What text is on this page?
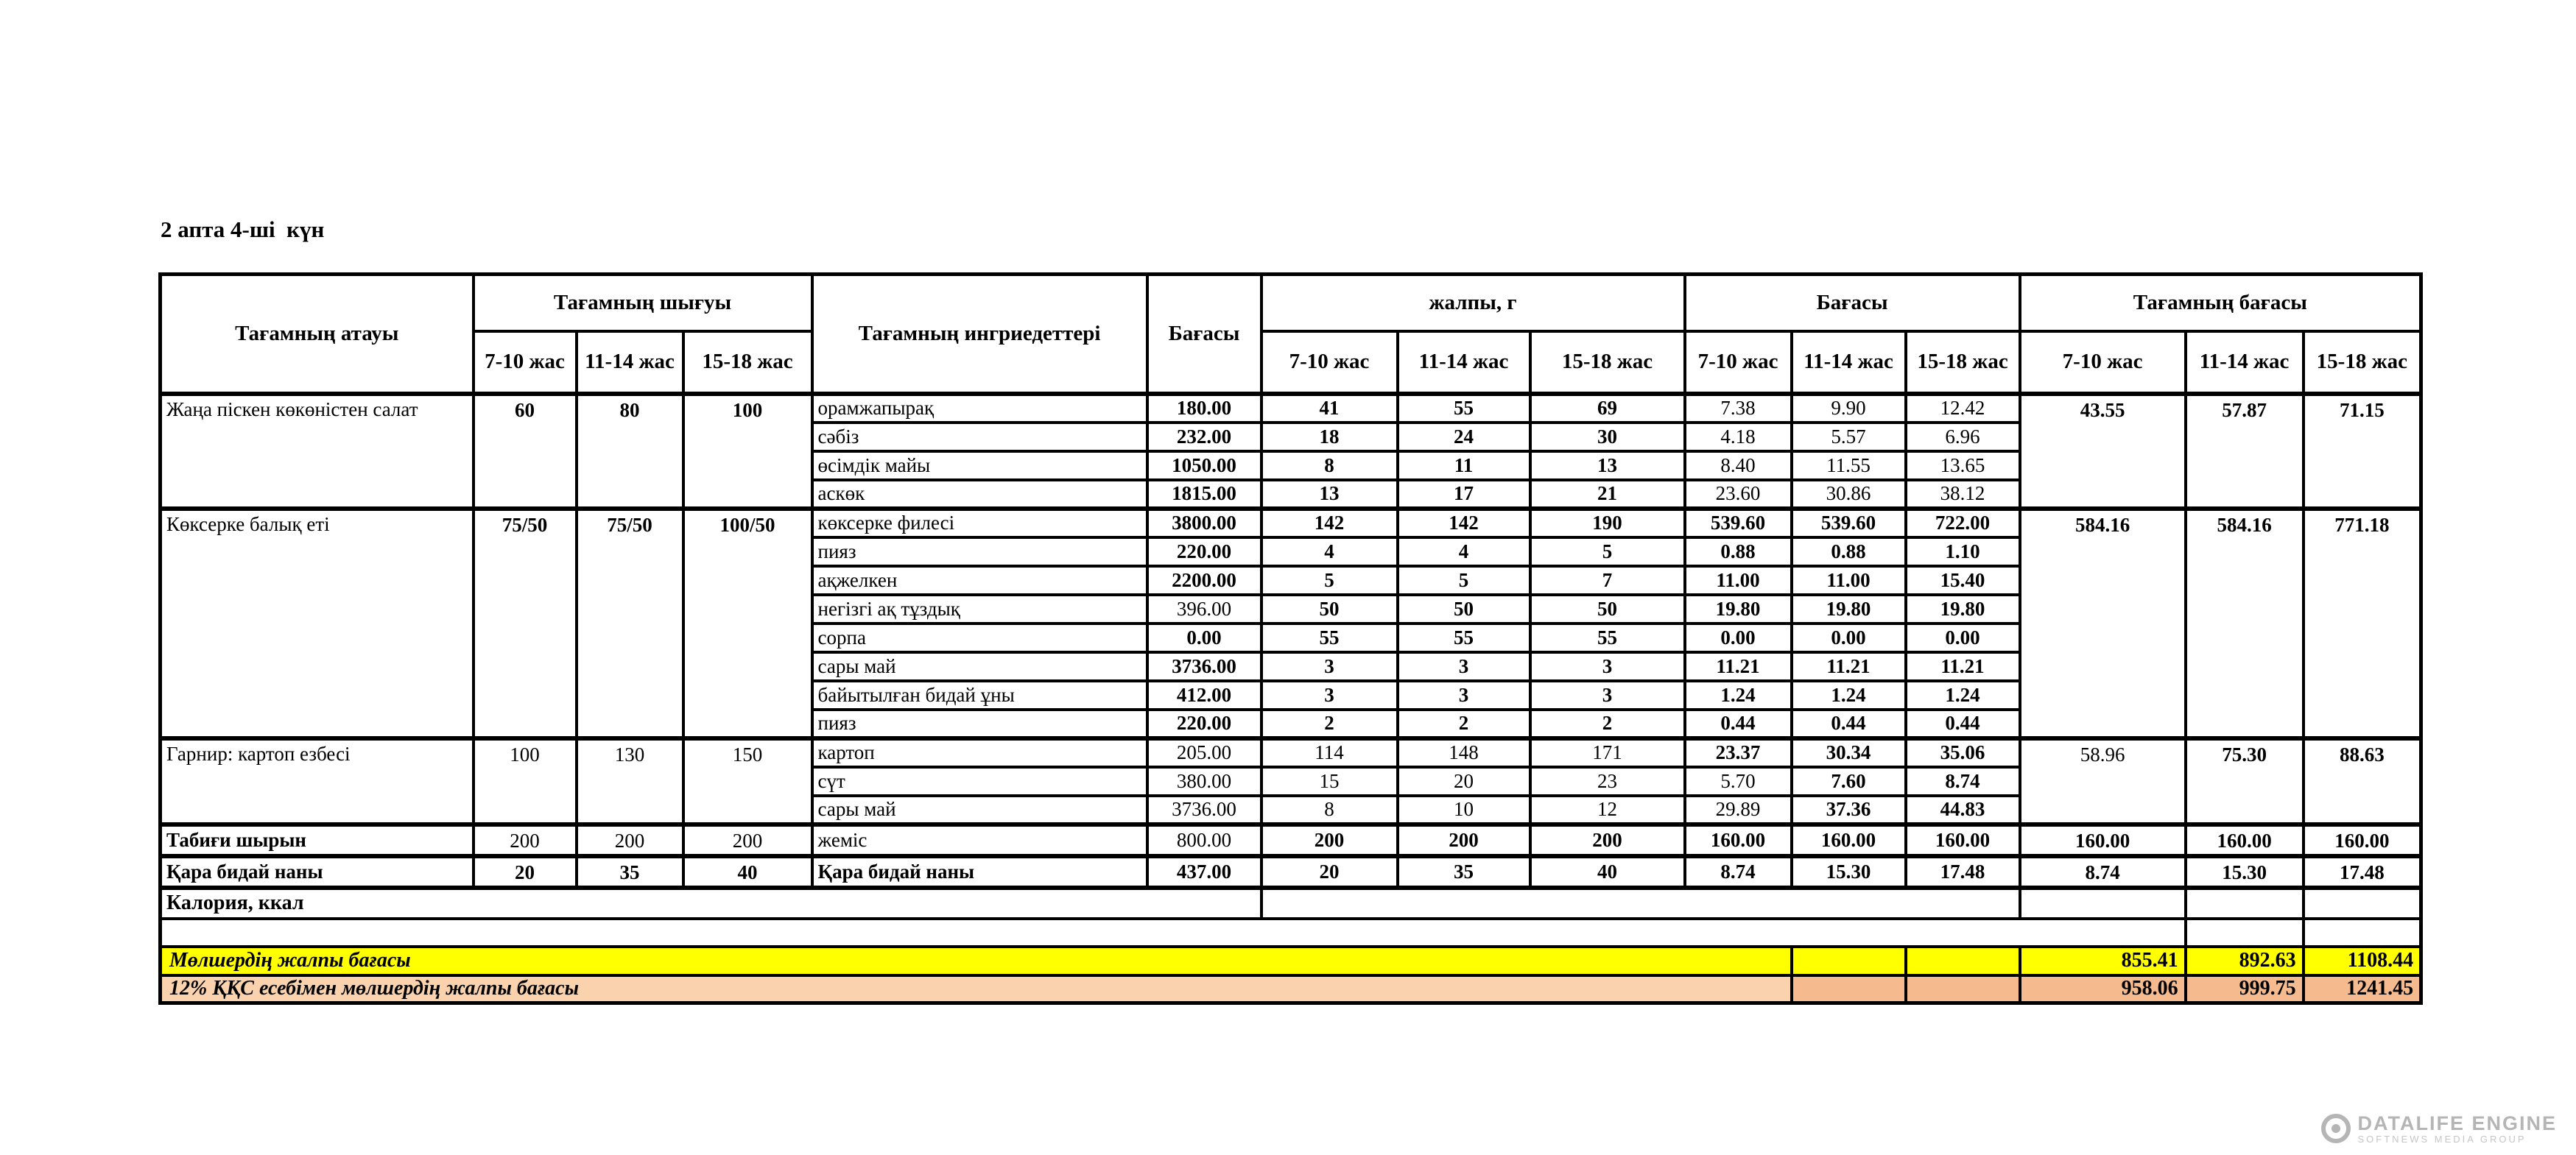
2 апта 4-ші  күн
Тағамның атауы	Тағамның шығуы			Тағамның ингриедеттері	Бағасы	жалпы, г			Бағасы			Тағамның бағасы		
	7-10 жас	11-14 жас	15-18 жас			7-10 жас	11-14 жас	15-18 жас	7-10 жас	11-14 жас	15-18 жас	7-10 жас	11-14 жас	15-18 жас
Жаңа піскен көкөністен салат	60	80	100	орамжапырақ	180.00	41	55	69	7.38	9.90	12.42	43.55	57.87	71.15
				сәбіз	232.00	18	24	30	4.18	5.57	6.96			
				өсімдік майы	1050.00	8	11	13	8.40	11.55	13.65			
				аскөк	1815.00	13	17	21	23.60	30.86	38.12			
Көксерке балық еті	75/50	75/50	100/50	көксерке филесі	3800.00	142	142	190	539.60	539.60	722.00	584.16	584.16	771.18
				пияз	220.00	4	4	5	0.88	0.88	1.10			
				ақжелкен	2200.00	5	5	7	11.00	11.00	15.40			
				негізгі ақ тұздық	396.00	50	50	50	19.80	19.80	19.80			
				сорпа	0.00	55	55	55	0.00	0.00	0.00			
				сары май	3736.00	3	3	3	11.21	11.21	11.21			
				байытылған бидай ұны	412.00	3	3	3	1.24	1.24	1.24			
				пияз	220.00	2	2	2	0.44	0.44	0.44			
Гарнир: картоп езбесі	100	130	150	картоп	205.00	114	148	171	23.37	30.34	35.06	58.96	75.30	88.63
				сүт	380.00	15	20	23	5.70	7.60	8.74			
				сары май	3736.00	8	10	12	29.89	37.36	44.83			
Табиғи шырын	200	200	200	жеміс	800.00	200	200	200	160.00	160.00	160.00	160.00	160.00	160.00
Қара бидай наны	20	35	40	Қара бидай наны	437.00	20	35	40	8.74	15.30	17.48	8.74	15.30	17.48
Калория, ккал														

Мөлшердің жалпы бағасы												855.41	892.63	1108.44
12% ҚҚС есебімен мөлшердің жалпы бағасы												958.06	999.75	1241.45
DATALIFE ENGINE
SOFTNEWS MEDIA GROUP
